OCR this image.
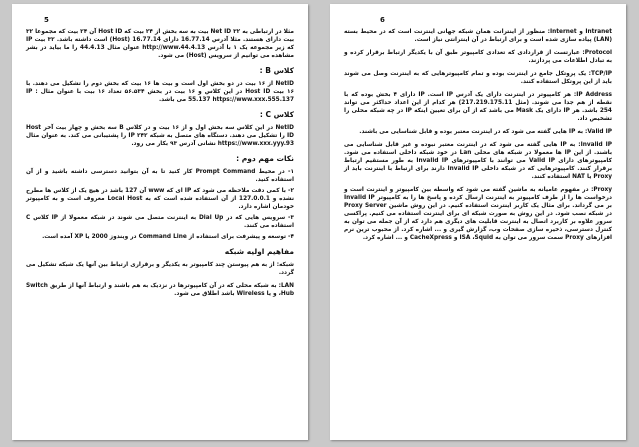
5
مثلا در ارتباطی به Net ID ۳۲ بیت به سه بخش از ۲۴ بیت که Host ID آن ۲۴ بیت که مجموعا ۳۲ بیت دارای هستند. مثلا آدرس 16.77.14 دارای 16.77.14 (Host) است داشته باشد. ۳۲ بیت IP که زیر مجموعه یک ۱ با آدرس http://www.44.4.13 عنوان مثال 44.4.13 را ما بیاید در بشر مشاهده می توانیم از سرویس (Host) می شود.
کلاس B :
NetID از ۱۶ بیت در دو بخش اول است و بیت ها ۱۶ بیت که بخش دوم را تشکیل می دهند. با ۱۶ بیت Host ID در این کلاس و ۱۶ بیت در بخش ۵۶.۵۳۴ تعداد ۱۶ بیت با عنوان مثال IP : 55.137 https://www.xxx.555.137 می باشد.
کلاس C :
NetID در این کلاس سه بخش اول و از ۱۶ بیت و در کلاس B سه بخش و چهار بیت آخر Host ID را تشکیل می دهند. دستگاه های متصل به شبکه ۲۴۲ IP را پشتیبانی می کند. به عنوان مثال https://www.xxx.yyy.93 نشانی آدرس ۹۳ بکار می رود.
نکات مهم دوم :
۱- در محیط Prompt Command کار کنید تا به آن بتوانید دسترسی داشته باشید و از آن استفاده کنید.
۲- با کمی دقت ملاحظه می شود که IP ای که www آن 127 باشد در هیچ یک از کلاس ها مطرح نشده و 127.0.0.1 از آن استفاده شده است که به Local Host معروف است و به کامپیوتر خودمان اشاره دارد.
۳- سرویس هایی که در Dial Up به اینترنت متصل می شوند در شبکه معمولا از IP کلاس C استفاده می کنند.
۴- توسعه و پیشرفت برای استفاده از Command Line در ویندوز 2000 یا XP آمده است.
مفاهیم اولیه شبکه
شبکه: از به هم پیوستن چند کامپیوتر به یکدیگر و برقراری ارتباط بین آنها یک شبکه تشکیل می گردد.
LAN: به شبکه محلی که در آن کامپیوترها در نزدیک به هم باشند و ارتباط آنها از طریق Switch ،Hub و یا Wireless باشد اطلاق می شود.
6
Intranet و Internet: منظور از اینترانت همان شبکه جهانی اینترنت است که در محیط بسته (LAN) پیاده سازی شده است و برای ارتباط در آن اینترانتی نیاز است.
Protocol: عبارتست از قراردادی که تعدادی کامپیوتر طبق آن با یکدیگر ارتباط برقرار کرده و به تبادل اطلاعات می پردازند.
TCP/IP: یک پروتکل جامع در اینترنت بوده و تمام کامپیوترهایی که به اینترنت وصل می شوند باید از این پروتکل استفاده کنند.
IP Address: هر کامپیوتر در اینترنت دارای یک آدرس IP است. IP دارای ۴ بخش بوده که با نقطه از هم جدا می شوند. (مثل 217.219.175.11) هر کدام از این اعداد حداکثر می تواند 254 باشد. هر IP دارای یک Mask می باشد که از آن برای تعیین اینکه IP در چه شبکه محلی را تشخیص داد.
Valid IP: به IP هایی گفته می شود که در اینترنت معتبر بوده و قابل شناسایی می باشند.
Invalid IP: به IP هایی گفته می شود که در اینترنت معتبر نبوده و غیر قابل شناسایی می باشند. از این IP ها معمولا در شبکه های محلی Lan در خود شبکه داخلی استفاده می شود. کامپیوترهای دارای Valid IP می توانند با کامپیوترهای Invalid IP به طور مستقیم ارتباط برقرار کنند. کامپیوترهایی که در شبکه داخلی Invalid IP دارند برای ارتباط با اینترنت باید از Proxy یا NAT استفاده کنند.
Proxy: در مفهوم عامیانه به ماشین گفته می شود که واسطه بین کامپیوتر و اینترنت است و درخواست ها را از طرف کامپیوتر به اینترنت ارسال کرده و پاسخ ها را به کامپیوتر Invalid IP بر می گرداند. برای مثال یک کاربر اینترنت استفاده کنیم. در این روش ماشین Proxy Server در شبکه نصب شود. در این روش به صورت شبکه ای برای اینترنت استفاده می کنیم. پراکسی سرور علاوه بر کاربرد اتصال به اینترنت قابلیت های دیگری هم دارد که از آن جمله می توان به کنترل دسترسی، ذخیره سازی صفحات وب، گزارش گیری و ... اشاره کرد. از محبوب ترین نرم افزارهای Proxy سمت سرور می توان به ISA ،Squid و CacheXpress و ... اشاره کرد.
